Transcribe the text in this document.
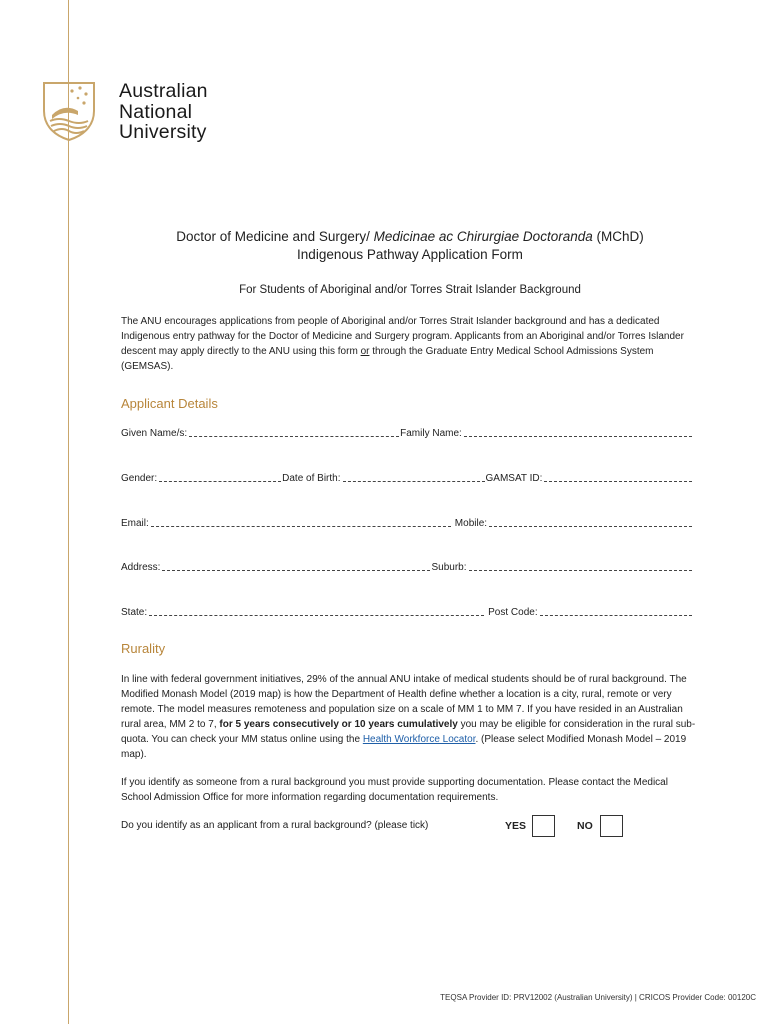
Australian
National
University
Doctor of Medicine and Surgery/ Medicinae ac Chirurgiae Doctoranda (MChD)
Indigenous Pathway Application Form
For Students of Aboriginal and/or Torres Strait Islander Background
The ANU encourages applications from people of Aboriginal and/or Torres Strait Islander background and has a dedicated Indigenous entry pathway for the Doctor of Medicine and Surgery program. Applicants from an Aboriginal and/or Torres Islander descent may apply directly to the ANU using this form or through the Graduate Entry Medical School Admissions System (GEMSAS).
Applicant Details
Given Name/s:	Family Name:
Gender:	Date of Birth:	GAMSAT ID:
Email:	Mobile:
Address:	Suburb:
State:	Post Code:
Rurality
In line with federal government initiatives, 29% of the annual ANU intake of medical students should be of rural background. The Modified Monash Model (2019 map) is how the Department of Health define whether a location is a city, rural, remote or very remote. The model measures remoteness and population size on a scale of MM 1 to MM 7. If you have resided in an Australian rural area, MM 2 to 7, for 5 years consecutively or 10 years cumulatively you may be eligible for consideration in the rural sub-quota. You can check your MM status online using the Health Workforce Locator. (Please select Modified Monash Model – 2019 map).
If you identify as someone from a rural background you must provide supporting documentation. Please contact the Medical School Admission Office for more information regarding documentation requirements.
Do you identify as an applicant from a rural background? (please tick)	YES	NO
TEQSA Provider ID: PRV12002 (Australian University) | CRICOS Provider Code: 00120C
